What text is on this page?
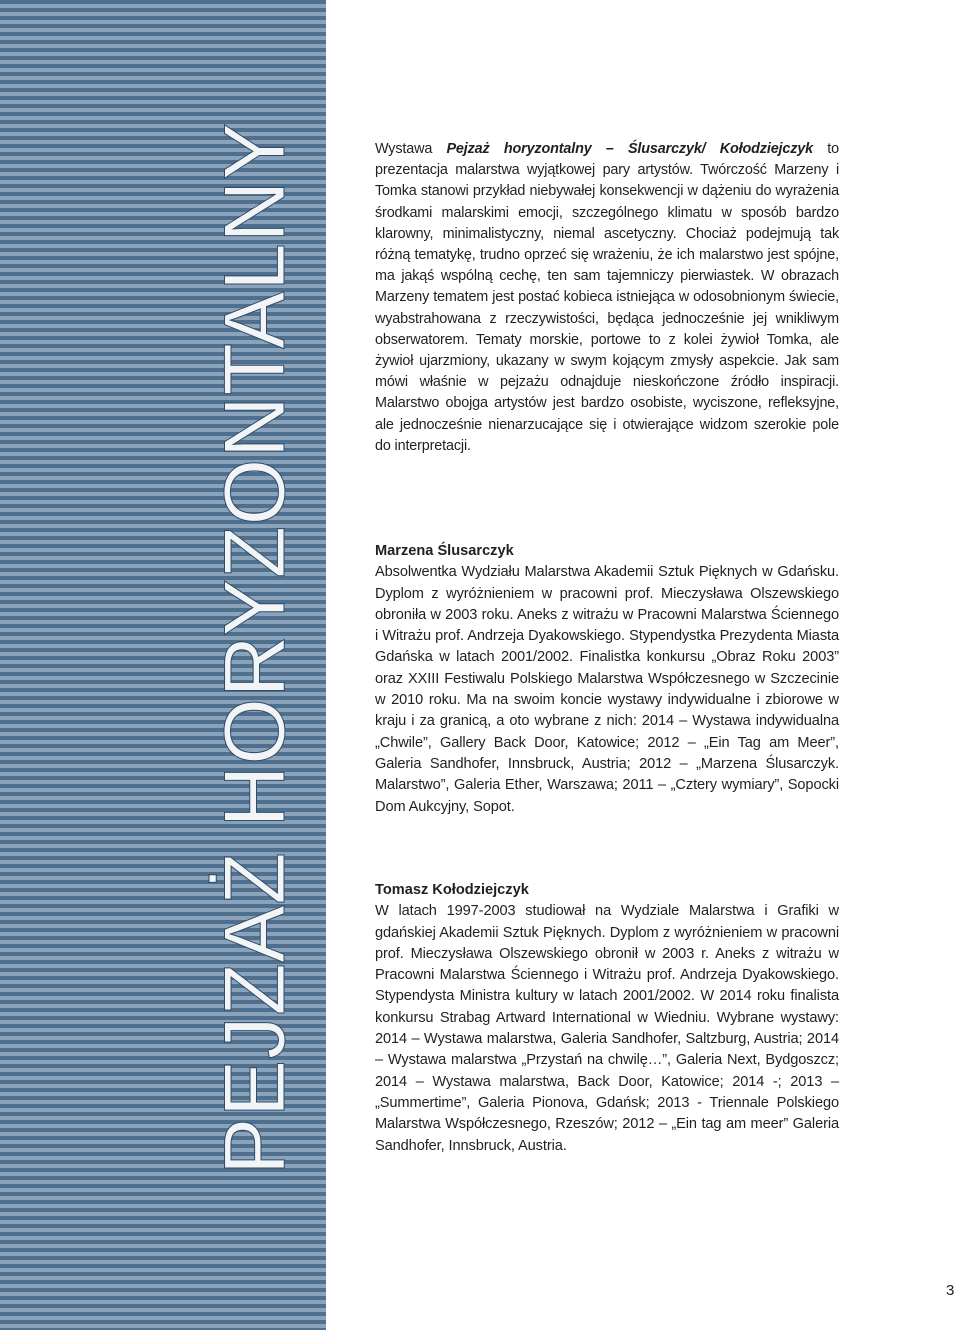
PEJZAŻ HORYZONTALNY	Wystawa Pejzaż horyzontalny – Ślusarczyk/ Kołodziejczyk to prezentacja malarstwa wyjątkowej pary artystów. Twórczość Marzeny i Tomka stanowi przykład niebywałej konsekwencji w dążeniu do wyrażenia środkami malarskimi emocji, szczególnego klimatu w sposób bardzo klarowny, minimalistyczny, niemal ascetyczny. Chociaż podejmują tak różną tematykę, trudno oprzeć się wrażeniu, że ich malarstwo jest spójne, ma jakąś wspólną cechę, ten sam tajemniczy pierwiastek. W obrazach Marzeny tematem jest postać kobieca istniejąca w odosobnionym świecie, wyabstrahowana z rzeczywistości, będąca jednocześnie jej wnikliwym obserwatorem. Tematy morskie, portowe to z kolei żywioł Tomka, ale żywioł ujarzmiony, ukazany w swym kojącym zmysły aspekcie. Jak sam mówi właśnie w pejzażu odnajduje nieskończone źródło inspiracji. Malarstwo obojga artystów jest bardzo osobiste, wyciszone, refleksyjne, ale jednocześnie nienarzucające się i otwierające widzom szerokie pole do interpretacji.

Marzena Ślusarczyk

Absolwentka Wydziału Malarstwa Akademii Sztuk Pięknych w Gdańsku. Dyplom z wyróżnieniem w pracowni prof. Mieczysława Olszewskiego obroniła w 2003 roku. Aneks z witrażu w Pracowni Malarstwa Ściennego i Witrażu prof. Andrzeja Dyakowskiego. Stypendystka Prezydenta Miasta Gdańska w latach 2001/2002. Finalistka konkursu „Obraz Roku 2003” oraz XXIII Festiwalu Polskiego Malarstwa Współczesnego w Szczecinie w 2010 roku. Ma na swoim koncie wystawy indywidualne i zbiorowe w kraju i za granicą, a oto wybrane z nich: 2014 – Wystawa indywidualna „Chwile”, Gallery Back Door, Katowice; 2012 – „Ein Tag am Meer”, Galeria Sandhofer, Innsbruck, Austria; 2012 – „Marzena Ślusarczyk. Malarstwo”, Galeria Ether, Warszawa; 2011 – „Cztery wymiary”, Sopocki Dom Aukcyjny, Sopot.

Tomasz Kołodziejczyk

W latach 1997-2003 studiował na Wydziale Malarstwa i Grafiki w gdańskiej Akademii Sztuk Pięknych. Dyplom z wyróżnieniem w pracowni prof. Mieczysława Olszewskiego obronił w 2003 r. Aneks z witrażu w Pracowni Malarstwa Ściennego i Witrażu prof. Andrzeja Dyakowskiego. Stypendysta Ministra kultury w latach 2001/2002. W 2014 roku finalista konkursu Strabag Artward International w Wiedniu. Wybrane wystawy: 2014 – Wystawa malarstwa, Galeria Sandhofer, Saltzburg, Austria; 2014 – Wystawa malarstwa „Przystań na chwilę…”, Galeria Next, Bydgoszcz; 2014 – Wystawa malarstwa, Back Door, Katowice; 2014 -; 2013 – „Summertime”, Galeria Pionova, Gdańsk; 2013 - Triennale Polskiego Malarstwa Współczesnego, Rzeszów; 2012 – „Ein tag am meer” Galeria Sandhofer, Innsbruck, Austria.

3
